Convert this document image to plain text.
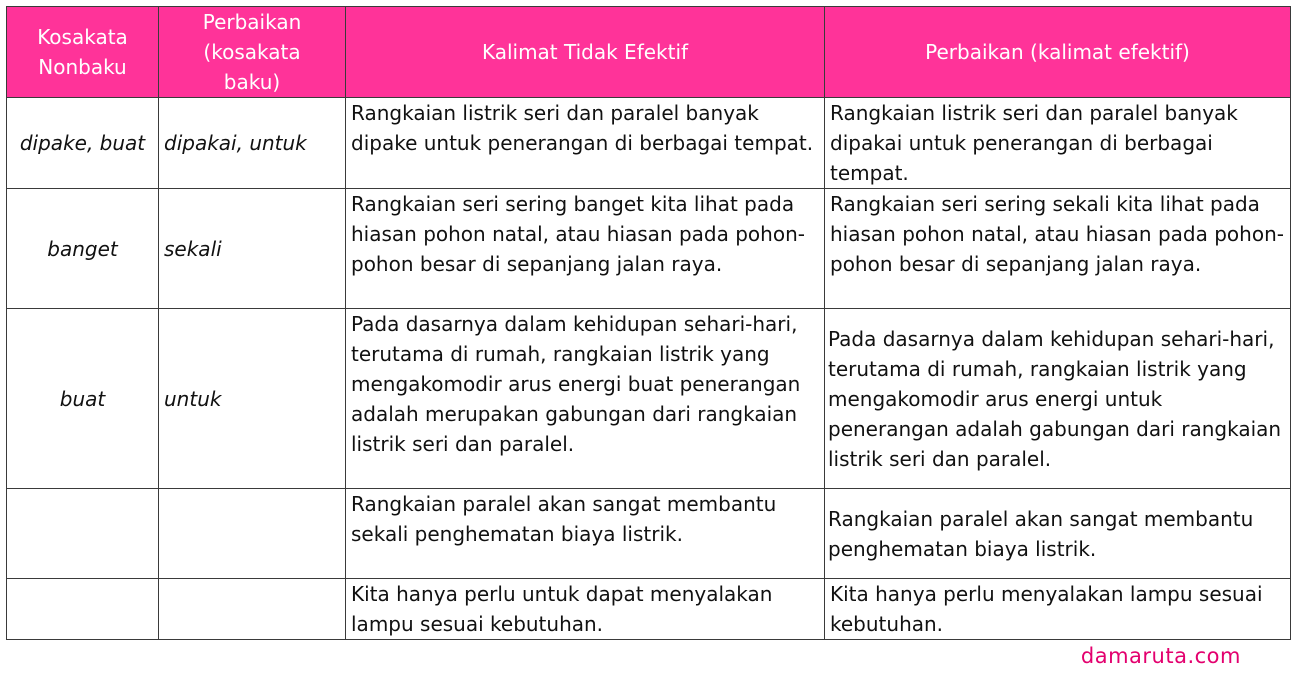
Kosakata Nonbaku	Perbaikan (kosakata baku)	Kalimat Tidak Efektif	Perbaikan (kalimat efektif)
dipake, buat	dipakai, untuk	Rangkaian listrik seri dan paralel banyak dipake untuk penerangan di berbagai tempat.	Rangkaian listrik seri dan paralel banyak dipakai untuk penerangan di berbagai tempat.
banget	sekali	Rangkaian seri sering banget kita lihat pada hiasan pohon natal, atau hiasan pada pohon-pohon besar di sepanjang jalan raya.	Rangkaian seri sering sekali kita lihat pada hiasan pohon natal, atau hiasan pada pohon-pohon besar di sepanjang jalan raya.
buat	untuk	Pada dasarnya dalam kehidupan sehari-hari, terutama di rumah, rangkaian listrik yang mengakomodir arus energi buat penerangan adalah merupakan gabungan dari rangkaian listrik seri dan paralel.	Pada dasarnya dalam kehidupan sehari-hari, terutama di rumah, rangkaian listrik yang mengakomodir arus energi untuk penerangan adalah gabungan dari rangkaian listrik seri dan paralel.
		Rangkaian paralel akan sangat membantu sekali penghematan biaya listrik.	Rangkaian paralel akan sangat membantu penghematan biaya listrik.
		Kita hanya perlu untuk dapat menyalakan lampu sesuai kebutuhan.	Kita hanya perlu menyalakan lampu sesuai kebutuhan.
damaruta.com
